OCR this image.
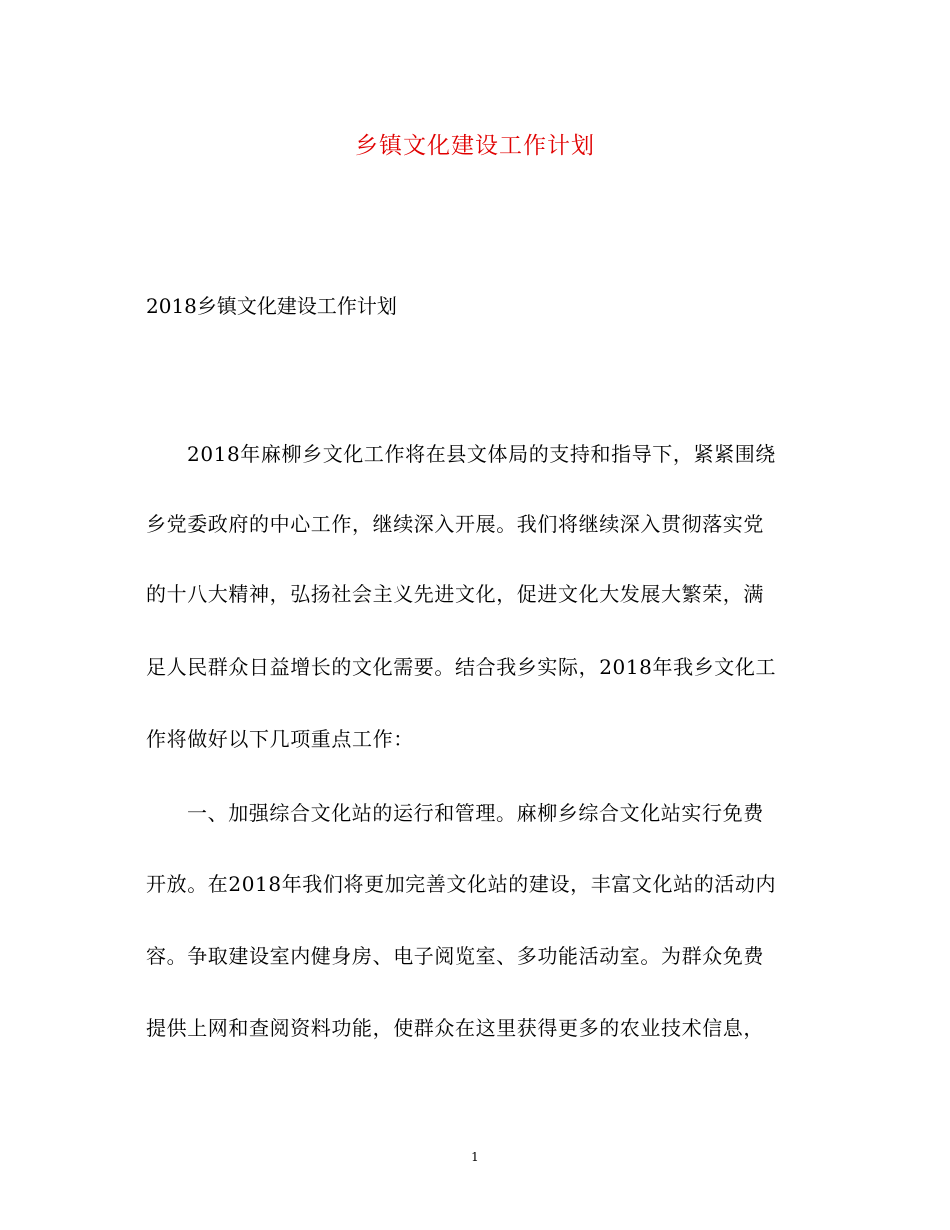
乡镇文化建设工作计划
2018乡镇文化建设工作计划
2018年麻柳乡文化工作将在县文体局的支持和指导下，紧紧围绕
乡党委政府的中心工作，继续深入开展。我们将继续深入贯彻落实党
的十八大精神，弘扬社会主义先进文化，促进文化大发展大繁荣，满
足人民群众日益增长的文化需要。结合我乡实际，2018年我乡文化工
作将做好以下几项重点工作：
一、加强综合文化站的运行和管理。麻柳乡综合文化站实行免费
开放。在2018年我们将更加完善文化站的建设，丰富文化站的活动内
容。争取建设室内健身房、电子阅览室、多功能活动室。为群众免费
提供上网和查阅资料功能，使群众在这里获得更多的农业技术信息，
1
